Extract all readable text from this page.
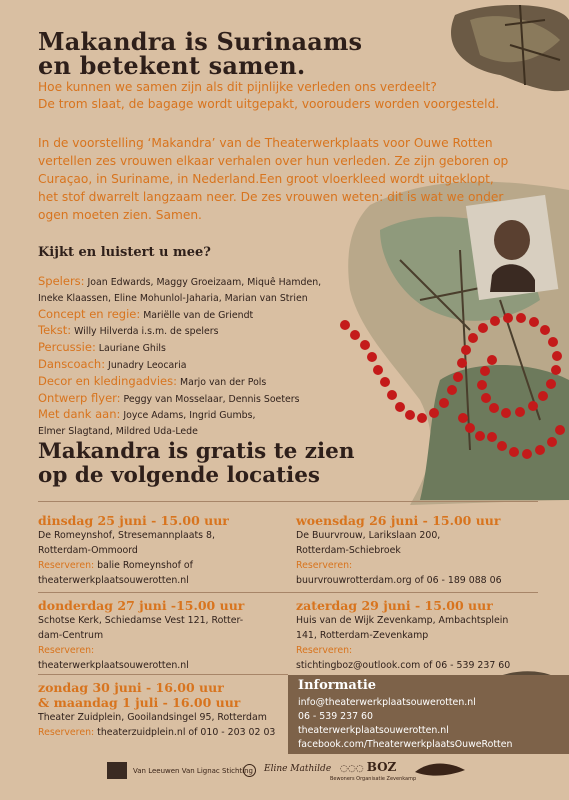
Makandra is Surinaams
en betekent samen.
Hoe kunnen we samen zijn als dit pijnlijke verleden ons verdeelt?
De trom slaat, de bagage wordt uitgepakt, voorouders worden voorgesteld.
In de voorstelling ‘Makandra’ van de Theaterwerkplaats voor Ouwe Rotten
vertellen zes vrouwen elkaar verhalen over hun verleden. Ze zijn geboren op
Curaçao, in Suriname, in Nederland.Een groot vloerkleed wordt uitgeklopt,
het stof dwarrelt langzaam neer. De zes vrouwen weten: dit is wat we onder
ogen moeten zien. Samen.
Kijkt en luistert u mee?
Spelers: Joan Edwards, Maggy Groeizaam, Miquê Hamden,
Ineke Klaassen, Eline Mohunlol-Jaharia, Marian van Strien
Concept en regie: Mariëlle van de Griendt
Tekst: Willy Hilverda i.s.m. de spelers
Percussie: Lauriane Ghils
Danscoach: Junadry Leocaria
Decor en kledingadvies: Marjo van der Pols
Ontwerp flyer: Peggy van Mosselaar, Dennis Soeters
Met dank aan: Joyce Adams, Ingrid Gumbs,
Elmer Slagtand, Mildred Uda-Lede
Makandra is gratis te zien
op de volgende locaties
dinsdag 25 juni - 15.00 uur
De Romeynshof, Stresemannplaats 8,
Rotterdam-Ommoord
Reserveren: balie Romeynshof of
theaterwerkplaatsouwerotten.nl
woensdag 26 juni - 15.00 uur
De Buurvrouw, Larikslaan 200,
Rotterdam-Schiebroek
Reserveren:
buurvrouwrotterdam.org of 06 - 189 088 06
donderdag 27 juni -15.00 uur
Schotse Kerk, Schiedamse Vest 121, Rotter-
dam-Centrum
Reserveren:
theaterwerkplaatsouwerotten.nl
zaterdag 29 juni - 15.00 uur
Huis van de Wijk Zevenkamp, Ambachtsplein
141, Rotterdam-Zevenkamp
Reserveren:
stichtingboz@outlook.com of 06 - 539 237 60
zondag 30 juni - 16.00 uur
& maandag 1 juli - 16.00 uur
Theater Zuidplein, Gooilandsingel 95, Rotterdam
Reserveren: theaterzuidplein.nl of 010 - 203 02 03
Informatie
info@theaterwerkplaatsouwerotten.nl
06 - 539 237 60
theaterwerkplaatsouwerotten.nl
facebook.com/TheaterwerkplaatsOuweRotten
Van Leeuwen Van Lignac Stichting Eline Mathilde ◌◌◌ BOZ
Bewoners Organisatie Zevenkamp
